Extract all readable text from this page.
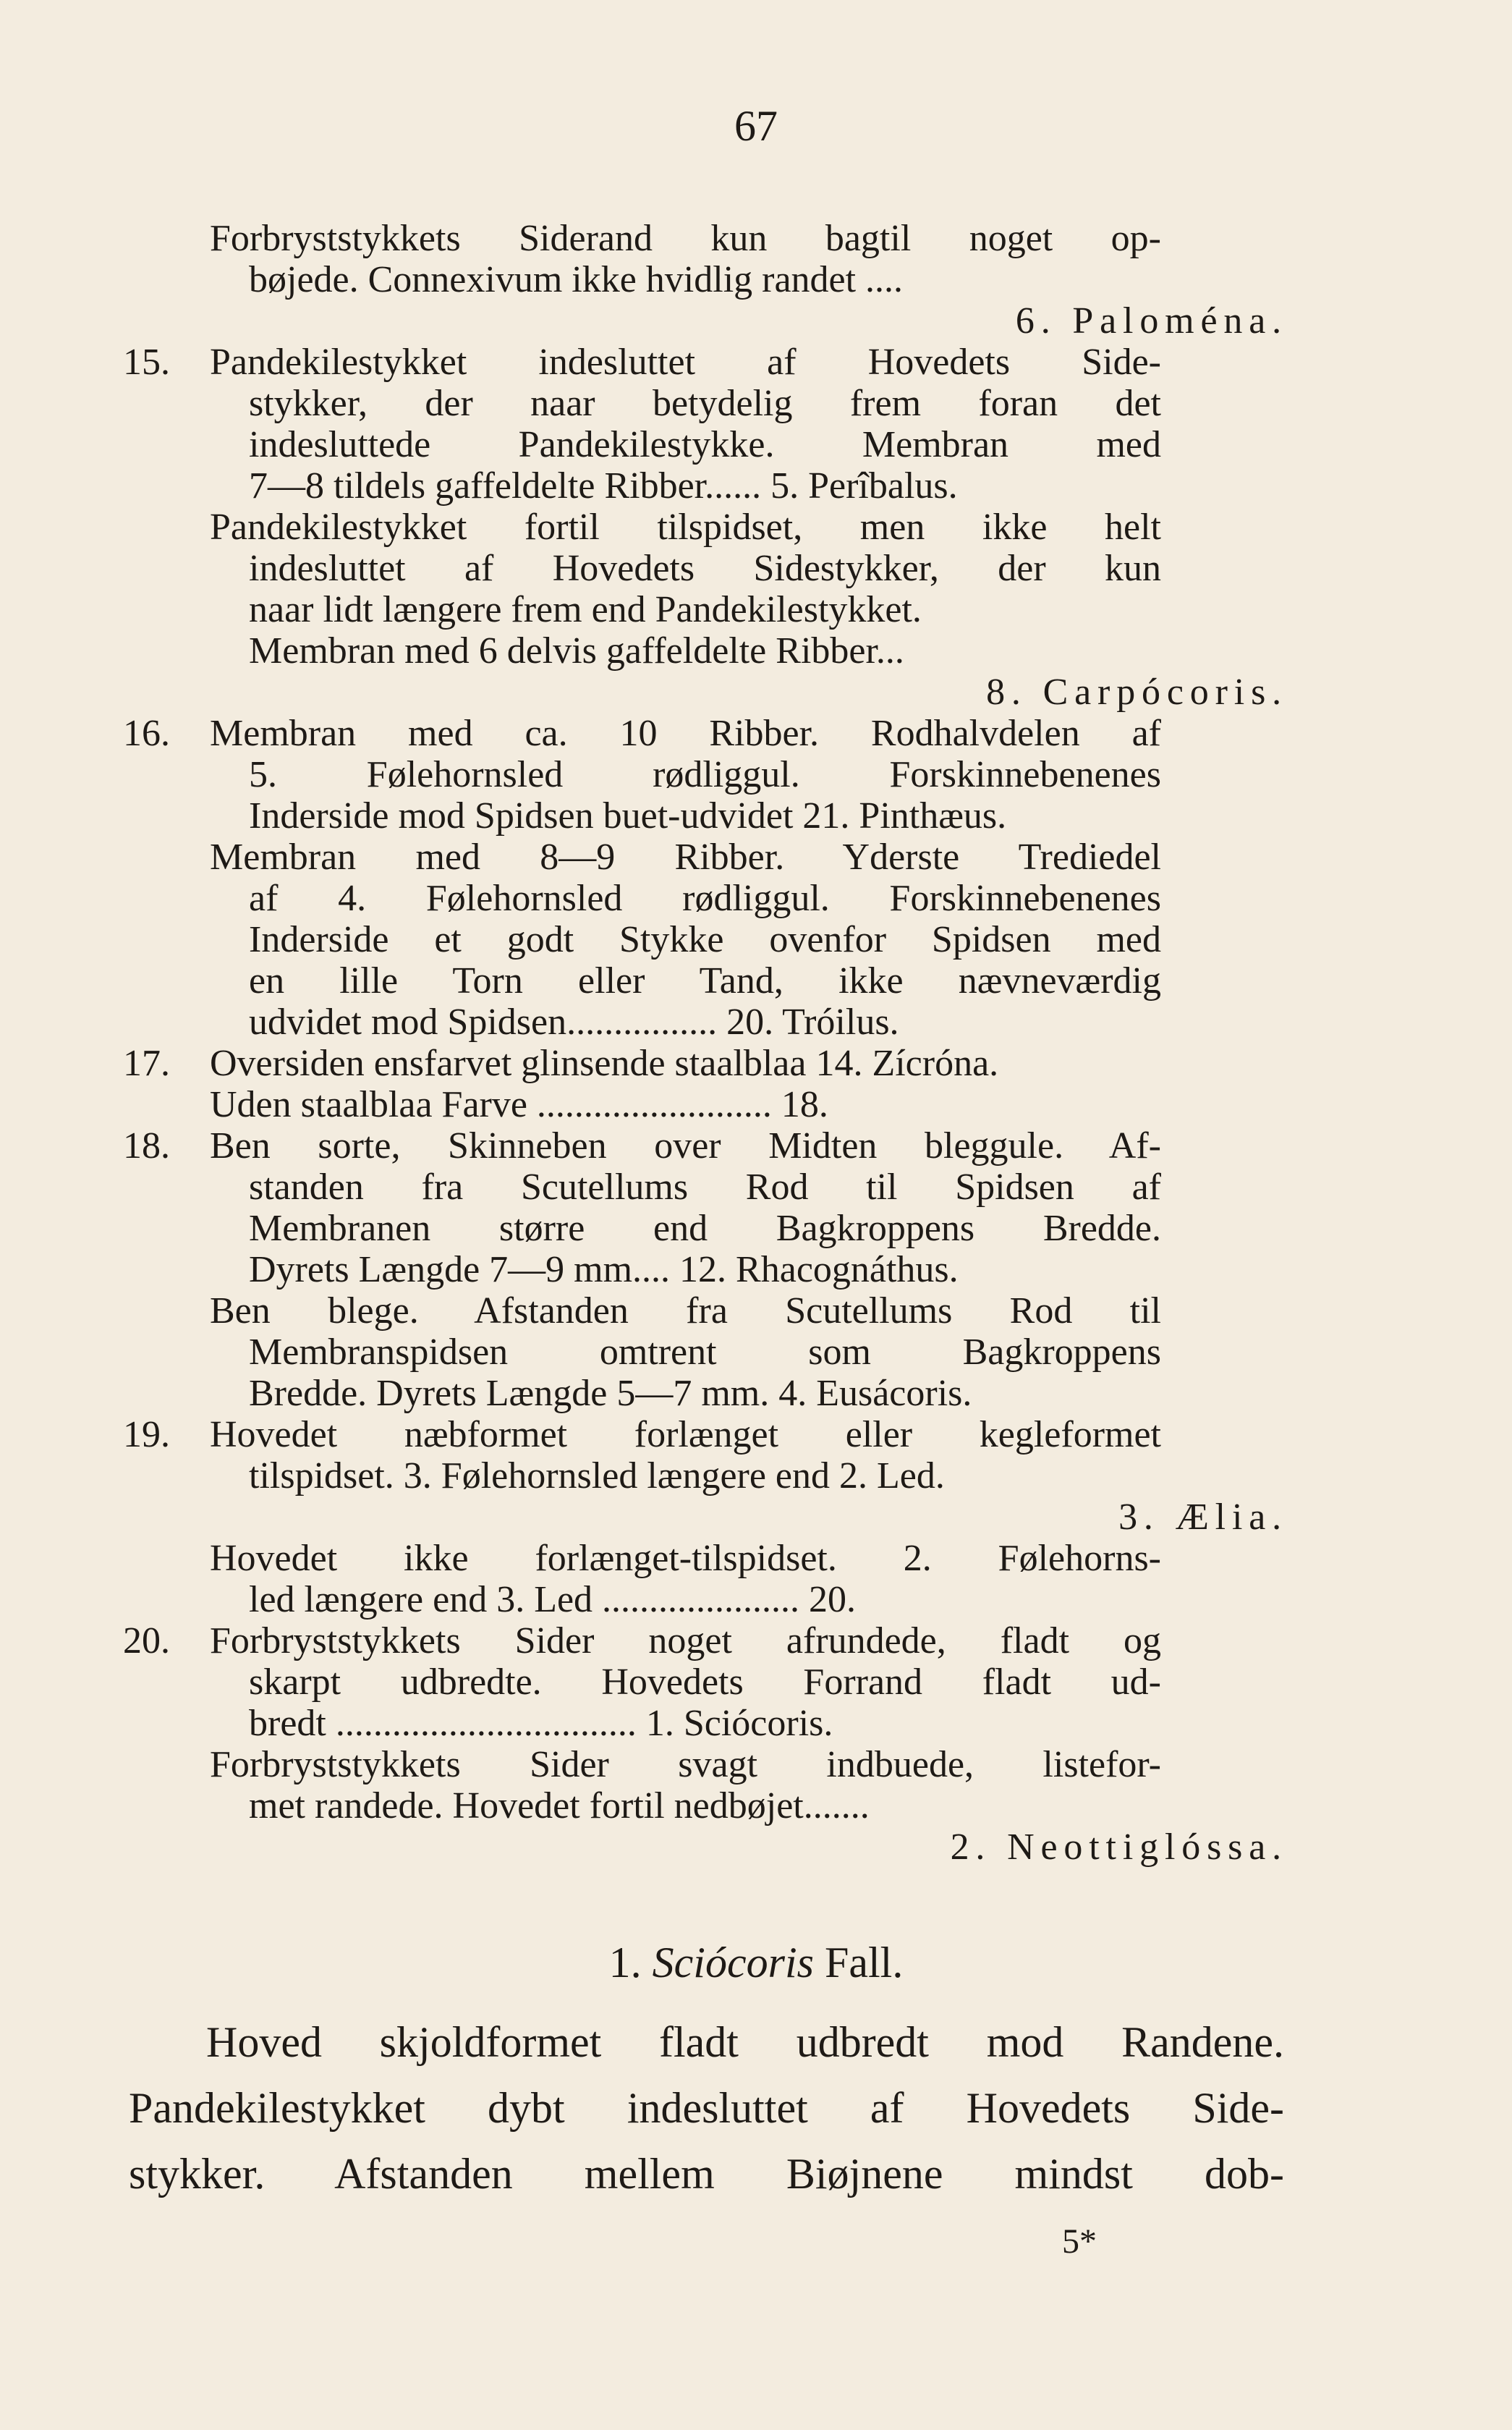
67
Forbryststykkets Siderand kun bagtil noget op-
bøjede. Connexivum ikke hvidlig randet ....
6. Paloména.
15. Pandekilestykket indesluttet af Hovedets Side-
stykker, der naar betydelig frem foran det
indesluttede Pandekilestykke. Membran med
7—8 tildels gaffeldelte Ribber...... 5. Perîbalus.
Pandekilestykket fortil tilspidset, men ikke helt
indesluttet af Hovedets Sidestykker, der kun
naar lidt længere frem end Pandekilestykket.
Membran med 6 delvis gaffeldelte Ribber...
8. Carpócoris.
16. Membran med ca. 10 Ribber. Rodhalvdelen af
5. Følehornsled rødliggul. Forskinnebenenes
Inderside mod Spidsen buet-udvidet 21. Pinthæus.
Membran med 8—9 Ribber. Yderste Trediedel
af 4. Følehornsled rødliggul. Forskinnebenenes
Inderside et godt Stykke ovenfor Spidsen med
en lille Torn eller Tand, ikke nævneværdig
udvidet mod Spidsen................ 20. Tróilus.
17. Oversiden ensfarvet glinsende staalblaa 14. Zícróna.
Uden staalblaa Farve ......................... 18.
18. Ben sorte, Skinneben over Midten bleggule. Af-
standen fra Scutellums Rod til Spidsen af
Membranen større end Bagkroppens Bredde.
Dyrets Længde 7—9 mm.... 12. Rhacognáthus.
Ben blege. Afstanden fra Scutellums Rod til
Membranspidsen omtrent som Bagkroppens
Bredde. Dyrets Længde 5—7 mm. 4. Eusácoris.
19. Hovedet næbformet forlænget eller kegleformet
tilspidset. 3. Følehornsled længere end 2. Led.
3. Ælia.
Hovedet ikke forlænget-tilspidset. 2. Følehorns-
led længere end 3. Led ..................... 20.
20. Forbryststykkets Sider noget afrundede, fladt og
skarpt udbredte. Hovedets Forrand fladt ud-
bredt ................................ 1. Sciócoris.
Forbryststykkets Sider svagt indbuede, listefor-
met randede. Hovedet fortil nedbøjet.......
2. Neottiglóssa.
1. Sciócoris Fall.
Hoved skjoldformet fladt udbredt mod Randene.
Pandekilestykket dybt indesluttet af Hovedets Side-
stykker. Afstanden mellem Biøjnene mindst dob-
5*
